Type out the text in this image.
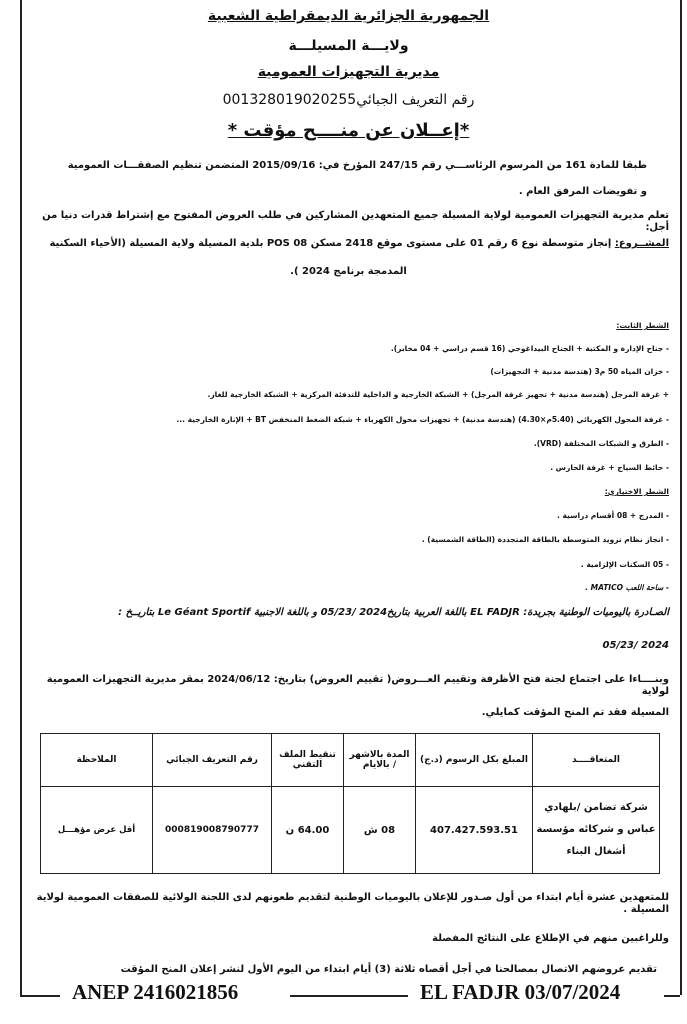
الجمهورية الجزائرية الديمقراطية الشعبية
ولايـــة المسيلـــة
مديرية التجهيزات العمومية
رقم التعريف الجبائي001328019020255
*إعــلان عن منــــح مؤقت *
طبقا للمادة 161 من المرسوم الرئاســـي رقم 247/15 المؤرخ في: 2015/09/16 المتضمن تنظيم الصفقـــات العمومية
و تفويضات المرفق العام .
تعلم مديرية التجهيزات العمومية لولاية المسيلة جميع المتعهدين المشاركين في طلب العروض المفتوح مع إشتراط قدرات دنيا من أجل:
المشــروع: إنجاز متوسطة نوع 6 رقم 01 على مستوى موقع 2418 مسكن POS 08 بلدية المسيلة ولاية المسيلة (الأحياء السكنية
المدمجة برنامج 2024 ).
الشطر الثابت:
- جناح الإدارة و المكتبة + الجناح البيداغوجي (16 قسم دراسي + 04 مخابر).
- خزان المياه 50 م3 (هندسة مدنية + التجهيزات)
+ غرفة المرجل (هندسة مدنية + تجهيز غرفة المرجل) + الشبكة الخارجية و الداخلية للتدفئة المركزية + الشبكة الخارجية للغاز.
- غرفة المحول الكهربائي (5.40م×4.30) (هندسة مدنية) + تجهيزات محول الكهرباء + شبكة الضغط المنخفض BT + الإنارة الخارجية ...
- الطرق و الشبكات المختلفة (VRD).
- حائط السياج + غرفة الحارس .
الشطر الاختياري:
- المدرج + 08 أقسام دراسية .
- انجاز نظام تزويد المتوسطة بالطاقة المتجددة (الطاقة الشمسية) .
- 05 السكنات الإلزامية .
- ساحة اللعب MATICO .
الصـادرة باليوميات الوطنية بجريدة: EL FADJR باللغة العربية بتاريخ2024 /05/23 و باللغة الاجنبية Le Géant Sportif بتاريــخ :
2024 /05/23
وبنــــاءا على اجتماع لجنة فتح الأظرفة وتقييم العـــروض( تقييم العروض) بتاريخ: 2024/06/12 بمقر مديرية التجهيزات العمومية لولاية
المسيلة فقد تم المنح المؤقت كمايلي.
المتعاقــــد	المبلغ بكل الرسوم (د.ج)	المدة بالاشهر / بالايام	تنقيط الملف التقني	رقم التعريف الجبائي	الملاحظة
شركة تضامن /بلهادي عباس و شركائه مؤسسة أشغال البناء	407.427.593.51	08 ش	64.00 ن	000819008790777	أقل عرض مؤهـــل
للمتعهدين عشرة أيام ابتداء من أول صـدور للإعلان باليوميات الوطنية لتقديم طعونهم لدى اللجنة الولائية للصفقات العمومية لولاية المسيلة .
وللراغبين منهم في الإطلاع على النتائج المفصلة
تقديم عروضهم الاتصال بمصالحنا في أجل أقصاه ثلاثة (3) أيام ابتداء من اليوم الأول لنشر إعلان المنح المؤقت
ANEP 2416021856	EL FADJR 03/07/2024
